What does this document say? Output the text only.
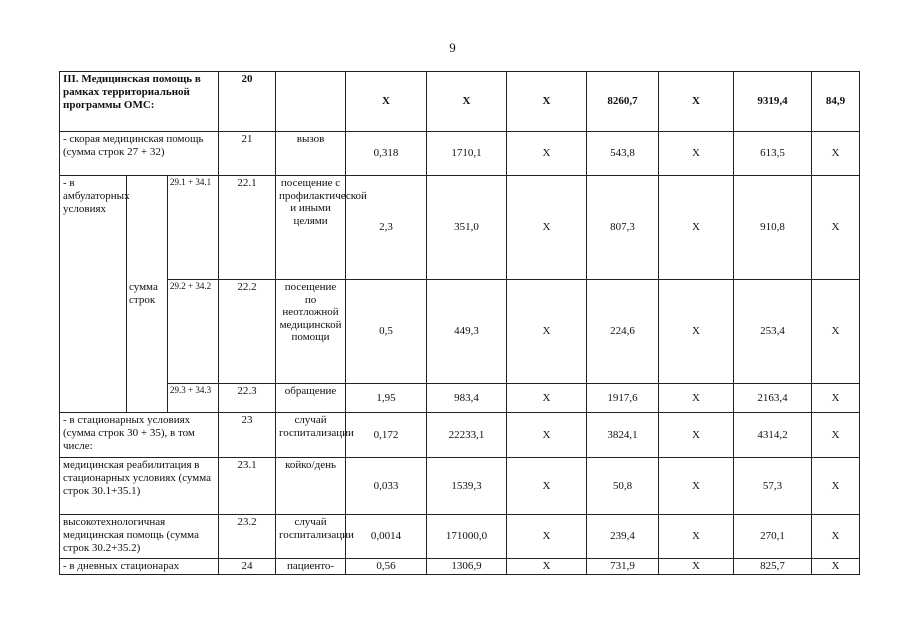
9
III. Медицинская помощь в рамках территориальной программы ОМС:			20		Х	Х	Х	8260,7	Х	9319,4	84,9
- скорая медицинская помощь (сумма строк 27 + 32)			21	вызов	0,318	1710,1	Х	543,8	Х	613,5	Х
- в амбулаторных условиях	сумма строк	29.1 + 34.1	22.1	посещение с профилактической и иными целями	2,3	351,0	Х	807,3	Х	910,8	Х
		29.2 + 34.2	22.2	посещение по неотложной медицинской помощи	0,5	449,3	Х	224,6	Х	253,4	Х
		29.3 + 34.3	22.3	обращение	1,95	983,4	Х	1917,6	Х	2163,4	Х
- в стационарных условиях (сумма строк 30 + 35), в том числе:			23	случай госпитализации	0,172	22233,1	Х	3824,1	Х	4314,2	Х
медицинская реабилитация в стационарных условиях (сумма строк 30.1+35.1)			23.1	койко/день	0,033	1539,3	Х	50,8	Х	57,3	Х
высокотехнологичная медицинская помощь (сумма строк 30.2+35.2)			23.2	случай госпитализации	0,0014	171000,0	Х	239,4	Х	270,1	Х
- в дневных стационарах			24	пациенто-	0,56	1306,9	Х	731,9	Х	825,7	Х
